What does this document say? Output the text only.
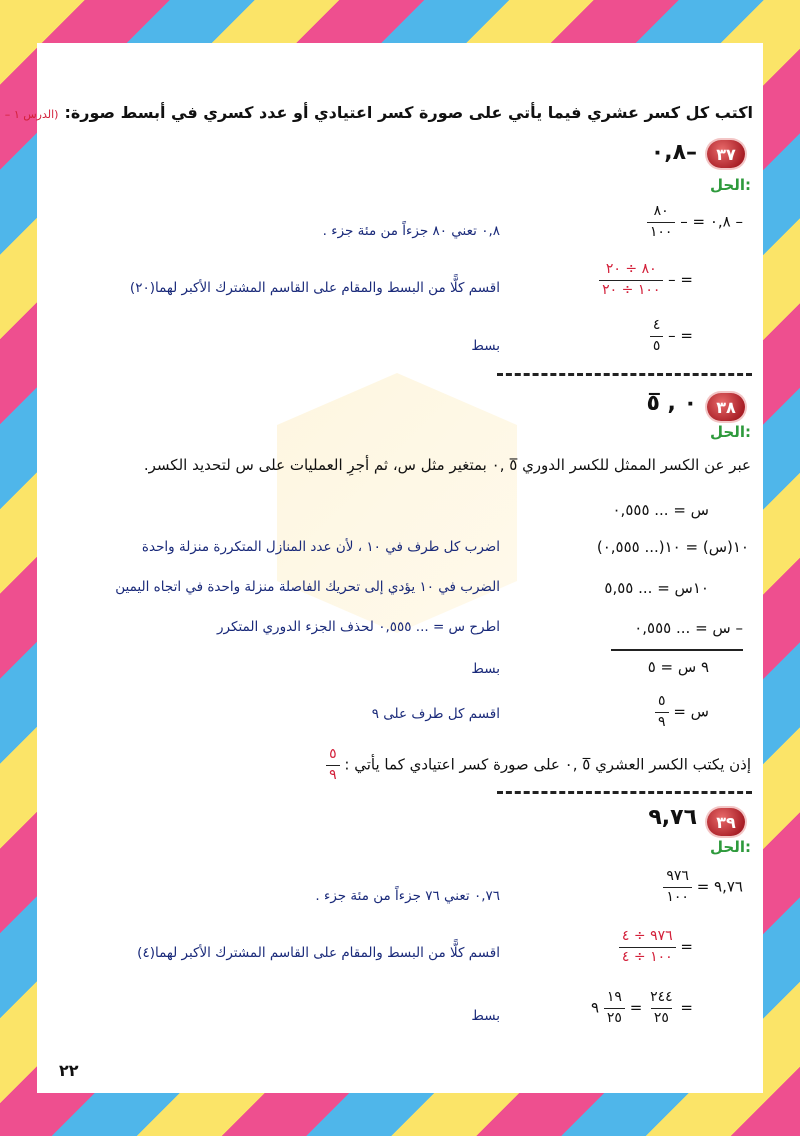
اكتب كل كسر عشري فيما يأتي على صورة كسر اعتيادي أو عدد كسري في أبسط صورة:(الدرس ١ –
٣٧
–٠,٨
الحل:
– ٠,٨ = –
$\frac{٨٠}{١٠٠}$
٠,٨ تعني ٨٠ جزءاً من مئة جزء .
= –
$\frac{٨٠ \div ٢٠}{١٠٠ \div ٢٠}$
اقسم كلًّا من البسط والمقام على القاسم المشترك الأكبر لهما(٢٠)
= –
$\frac{٤}{٥}$
بسط
٣٨
٠ , ٥̅
الحل:
عبر عن الكسر الممثل للكسر الدوري ٥̅ ,٠ بمتغير مثل س، ثم أجرِ العمليات على س لتحديد الكسر.
س = ... ٠,٥٥٥
١٠(س) = ١٠(... ٠,٥٥٥)
اضرب كل طرف في ١٠ ، لأن عدد المنازل المتكررة منزلة واحدة
١٠س = ... ٥,٥٥
الضرب في ١٠ يؤدي إلى تحريك الفاصلة منزلة واحدة في اتجاه اليمين
– س = ... ٠,٥٥٥
اطرح س = ... ٠,٥٥٥ لحذف الجزء الدوري المتكرر
٩ س = ٥
بسط
س =
$\frac{٥}{٩}$
اقسم كل طرف على ٩
إذن يكتب الكسر العشري ٥̅ ,٠ على صورة كسر اعتيادي كما يأتي :
$\frac{٥}{٩}$
٣٩
٩,٧٦
الحل:
٩,٧٦ =
$\frac{٩٧٦}{١٠٠}$
٠,٧٦ تعني ٧٦ جزءاً من مئة جزء .
=
$\frac{٩٧٦ \div ٤}{١٠٠ \div ٤}$
اقسم كلًّا من البسط والمقام على القاسم المشترك الأكبر لهما(٤)
=
$\frac{٢٤٤}{٢٥}$
=
$\frac{١٩}{٢٥}$
٩
بسط
٢٢
